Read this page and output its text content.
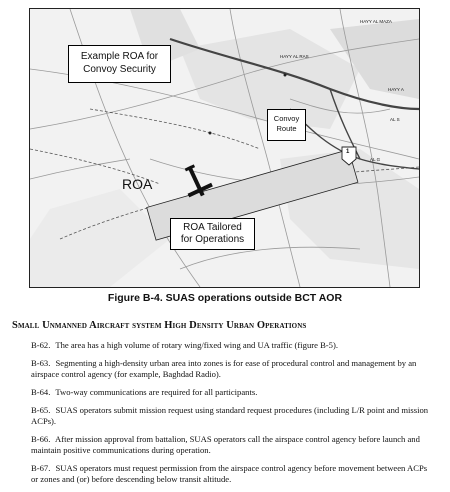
HAYY AL MAZA
HAYY AL RAS
AL S
HAYY A
AL G
1
Example ROA for
Convoy Security
Convoy
Route
ROA
ROA Tailored
for Operations
Figure B-4. SUAS operations outside BCT AOR
Small Unmanned Aircraft system High Density Urban Operations

B-62. The area has a high volume of rotary wing/fixed wing and UA traffic (figure B-5).

B-63. Segmenting a high-density urban area into zones is for ease of procedural control and management by an airspace control agency (for example, Baghdad Radio).

B-64. Two-way communications are required for all participants.

B-65. SUAS operators submit mission request using standard request procedures (including L/R point and mission ACPs).

B-66. After mission approval from battalion, SUAS operators call the airspace control agency before launch and maintain positive communications during operation.

B-67. SUAS operators must request permission from the airspace control agency before movement between ACPs or zones and (or) before descending below transit altitude.
